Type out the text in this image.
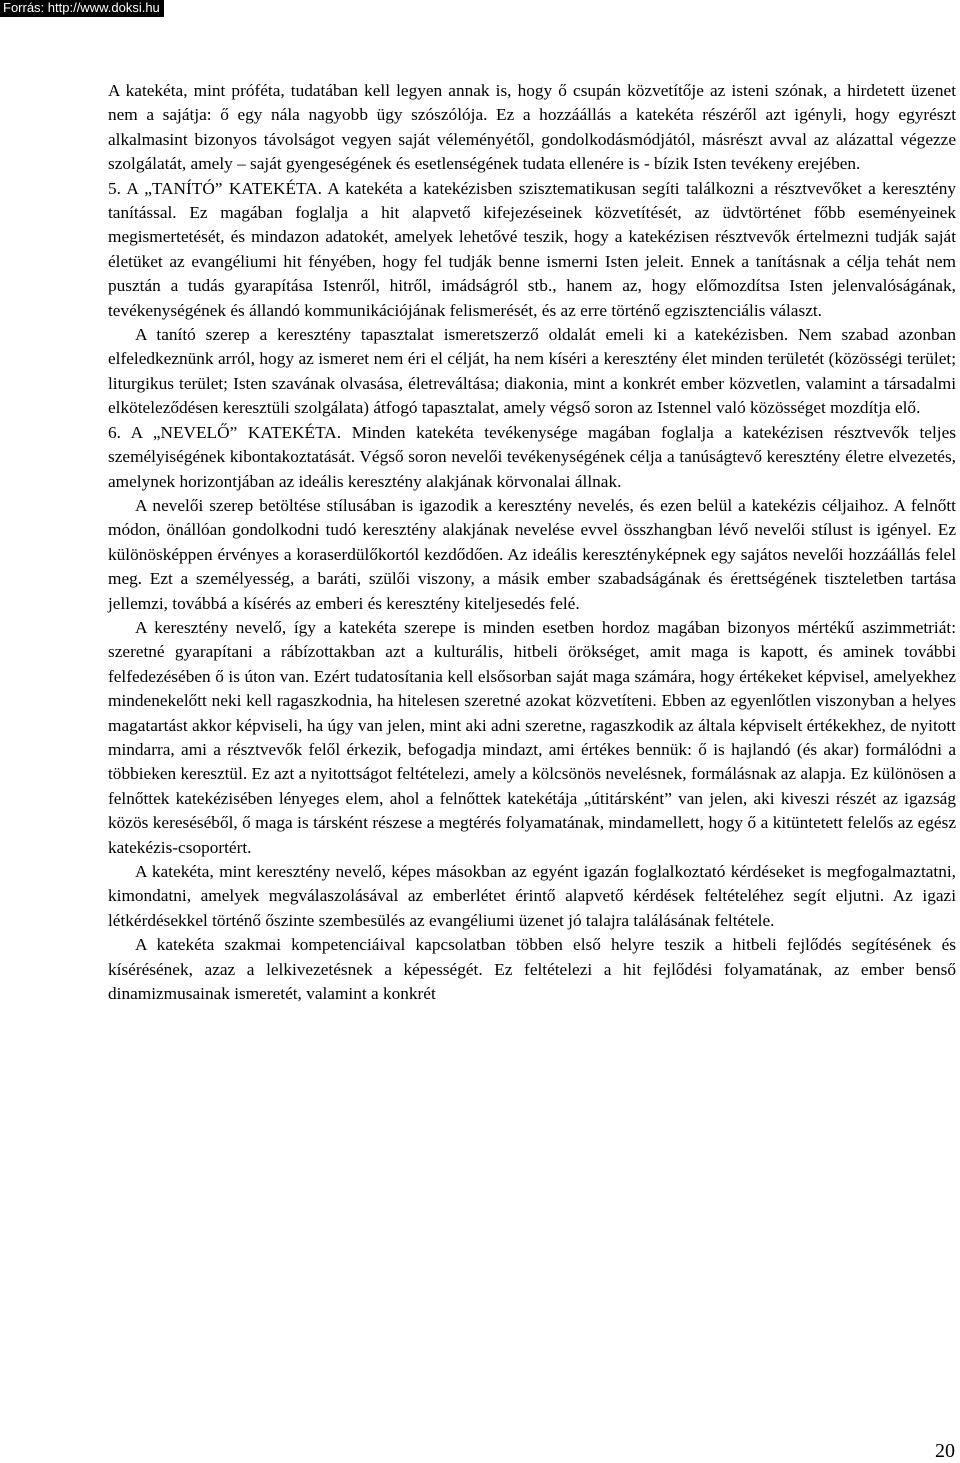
Forrás: http://www.doksi.hu

A katekéta, mint próféta, tudatában kell legyen annak is, hogy ő csupán közvetítője az isteni szónak, a hirdetett üzenet nem a sajátja: ő egy nála nagyobb ügy szószólója. Ez a hozzáállás a katekéta részéről azt igényli, hogy egyrészt alkalmasint bizonyos távolságot vegyen saját véleményétől, gondolkodásmódjától, másrészt avval az alázattal végezze szolgálatát, amely – saját gyengeségének és esetlenségének tudata ellenére is - bízik Isten tevékeny erejében.

5. A „TANÍTÓ” KATEKÉTA. A katekéta a katekézisben szisztematikusan segíti találkozni a résztvevőket a keresztény tanítással. Ez magában foglalja a hit alapvető kifejezéseinek közvetítését, az üdvtörténet főbb eseményeinek megismertetését, és mindazon adatokét, amelyek lehetővé teszik, hogy a katekézisen résztvevők értelmezni tudják saját életüket az evangéliumi hit fényében, hogy fel tudják benne ismerni Isten jeleit. Ennek a tanításnak a célja tehát nem pusztán a tudás gyarapítása Istenről, hitről, imádságról stb., hanem az, hogy előmozdítsa Isten jelenvalóságának, tevékenységének és állandó kommunikációjának felismerését, és az erre történő egzisztenciális választ.

A tanító szerep a keresztény tapasztalat ismeretszerző oldalát emeli ki a katekézisben. Nem szabad azonban elfeledkeznünk arról, hogy az ismeret nem éri el célját, ha nem kíséri a keresztény élet minden területét (közösségi terület; liturgikus terület; Isten szavának olvasása, életreváltása; diakonia, mint a konkrét ember közvetlen, valamint a társadalmi elköteleződésen keresztüli szolgálata) átfogó tapasztalat, amely végső soron az Istennel való közösséget mozdítja elő.

6. A „NEVELŐ” KATEKÉTA. Minden katekéta tevékenysége magában foglalja a katekézisen résztvevők teljes személyiségének kibontakoztatását. Végső soron nevelői tevékenységének célja a tanúságtevő keresztény életre elvezetés, amelynek horizontjában az ideális keresztény alakjának körvonalai állnak.

A nevelői szerep betöltése stílusában is igazodik a keresztény nevelés, és ezen belül a katekézis céljaihoz. A felnőtt módon, önállóan gondolkodni tudó keresztény alakjának nevelése evvel összhangban lévő nevelői stílust is igényel. Ez különösképpen érvényes a koraserdülőkortól kezdődően. Az ideális keresztényképnek egy sajátos nevelői hozzáállás felel meg. Ezt a személyesség, a baráti, szülői viszony, a másik ember szabadságának és érettségének tiszteletben tartása jellemzi, továbbá a kísérés az emberi és keresztény kiteljesedés felé.

A keresztény nevelő, így a katekéta szerepe is minden esetben hordoz magában bizonyos mértékű aszimmetriát: szeretné gyarapítani a rábízottakban azt a kulturális, hitbeli örökséget, amit maga is kapott, és aminek további felfedezésében ő is úton van. Ezért tudatosítania kell elsősorban saját maga számára, hogy értékeket képvisel, amelyekhez mindenekelőtt neki kell ragaszkodnia, ha hitelesen szeretné azokat közvetíteni. Ebben az egyenlőtlen viszonyban a helyes magatartást akkor képviseli, ha úgy van jelen, mint aki adni szeretne, ragaszkodik az általa képviselt értékekhez, de nyitott mindarra, ami a résztvevők felől érkezik, befogadja mindazt, ami értékes bennük: ő is hajlandó (és akar) formálódni a többieken keresztül. Ez azt a nyitottságot feltételezi, amely a kölcsönös nevelésnek, formálásnak az alapja. Ez különösen a felnőttek katekézisében lényeges elem, ahol a felnőttek katekétája „útitársként” van jelen, aki kiveszi részét az igazság közös kereséséből, ő maga is társként részese a megtérés folyamatának, mindamellett, hogy ő a kitüntetett felelős az egész katekézis-csoportért.

A katekéta, mint keresztény nevelő, képes másokban az egyént igazán foglalkoztató kérdéseket is megfogalmaztatni, kimondatni, amelyek megválaszolásával az emberlétet érintő alapvető kérdések feltételéhez segít eljutni. Az igazi létkérdésekkel történő őszinte szembesülés az evangéliumi üzenet jó talajra találásának feltétele.

A katekéta szakmai kompetenciáival kapcsolatban többen első helyre teszik a hitbeli fejlődés segítésének és kísérésének, azaz a lelkivezetésnek a képességét. Ez feltételezi a hit fejlődési folyamatának, az ember benső dinamizmusainak ismeretét, valamint a konkrét

20
